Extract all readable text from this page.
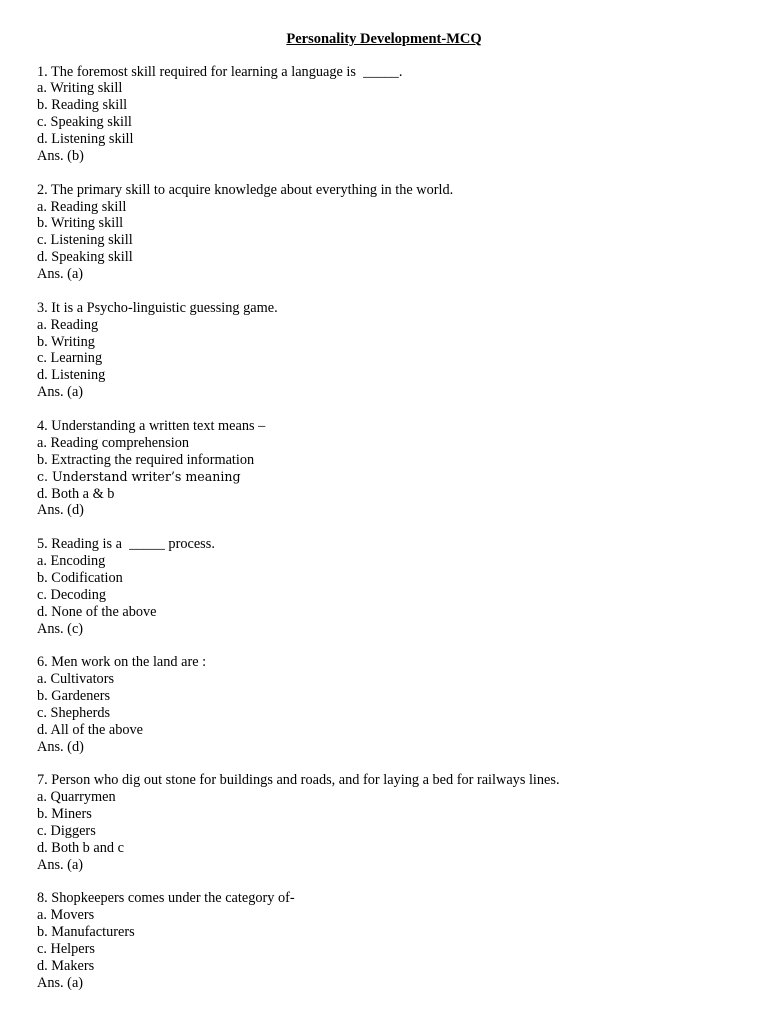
Personality Development-MCQ
1. The foremost skill required for learning a language is  _____.
a. Writing skill
b. Reading skill
c. Speaking skill
d. Listening skill
Ans. (b)
2. The primary skill to acquire knowledge about everything in the world.
a. Reading skill
b. Writing skill
c. Listening skill
d. Speaking skill
Ans. (a)
3. It is a Psycho-linguistic guessing game.
a. Reading
b. Writing
c. Learning
d. Listening
Ans. (a)
4. Understanding a written text means –
a. Reading comprehension
b. Extracting the required information
c. Understand writer’s meaning
d. Both a & b
Ans. (d)
5. Reading is a  _____ process.
a. Encoding
b. Codification
c. Decoding
d. None of the above
Ans. (c)
6. Men work on the land are :
a. Cultivators
b. Gardeners
c. Shepherds
d. All of the above
Ans. (d)
7. Person who dig out stone for buildings and roads, and for laying a bed for railways lines.
a. Quarrymen
b. Miners
c. Diggers
d. Both b and c
Ans. (a)
8. Shopkeepers comes under the category of-
a. Movers
b. Manufacturers
c. Helpers
d. Makers
Ans. (a)
